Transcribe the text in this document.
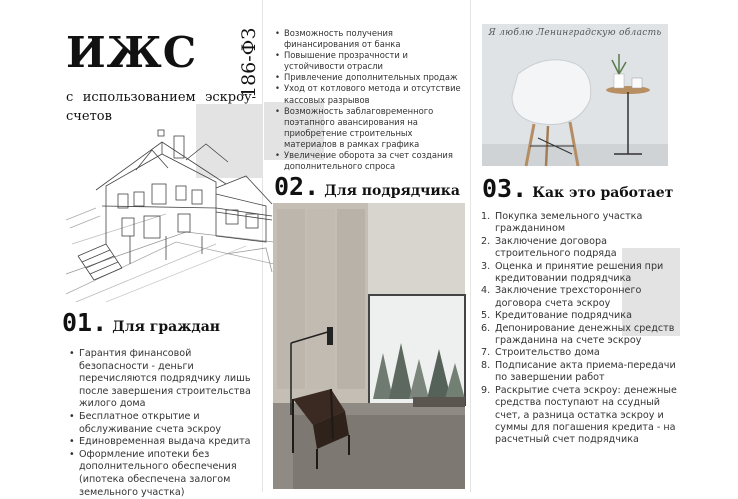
ИЖС 186-ФЗ
с использованием эскроу-счетов
01. Для граждан
• Гарантия финансовой безопасности - деньги перечисляются подрядчику лишь после завершения строительства жилого дома
• Бесплатное открытие и обслуживание счета эскроу
• Единовременная выдача кредита
• Оформление ипотеки без дополнительного обеспечения (ипотека обеспечена залогом земельного участка)
• Возможность получения финансирования от банка
• Повышение прозрачности и устойчивости отрасли
• Привлечение дополнительных продаж
• Уход от котлового метода и отсутствие кассовых разрывов
• Возможность заблаговременного поэтапного авансирования на приобретение строительных материалов в рамках графика
• Увеличение оборота за счет создания дополнительного спроса
02. Для подрядчика
Я люблю Ленинградскую область
03. Как это работает
1. Покупка земельного участка гражданином
2. Заключение договора строительного подряда
3. Оценка и принятие решения при кредитовании подрядчика
4. Заключение трехстороннего договора счета эскроу
5. Кредитование подрядчика
6. Депонирование денежных средств гражданина на счете эскроу
7. Строительство дома
8. Подписание акта приема-передачи по завершении работ
9. Раскрытие счета эскроу: денежные средства поступают на ссудный счет, а разница остатка эскроу и суммы для погашения кредита - на расчетный счет подрядчика
